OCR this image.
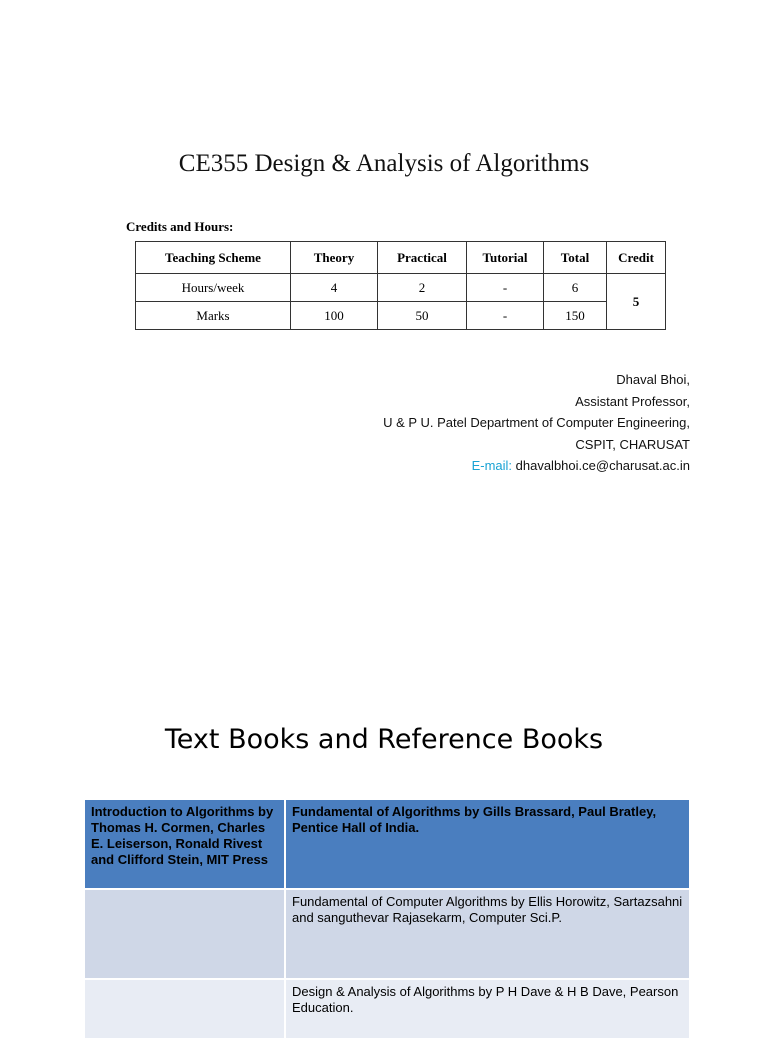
CE355 Design & Analysis of Algorithms
Credits and Hours:
Teaching Scheme	Theory	Practical	Tutorial	Total	Credit
Hours/week	4	2	-	6	5
Marks	100	50	-	150	
Dhaval Bhoi,
Assistant Professor,
U & P U. Patel Department of Computer Engineering,
CSPIT, CHARUSAT
E-mail: dhavalbhoi.ce@charusat.ac.in
Text Books and Reference Books
Introduction to Algorithms by Thomas H. Cormen, Charles E. Leiserson, Ronald Rivest and Clifford Stein, MIT Press	Fundamental of Algorithms by Gills Brassard, Paul Bratley, Pentice Hall of India.
	Fundamental of Computer Algorithms by Ellis Horowitz, Sartazsahni and sanguthevar Rajasekarm, Computer Sci.P.
	Design & Analysis of Algorithms by P H Dave & H B Dave, Pearson Education.
